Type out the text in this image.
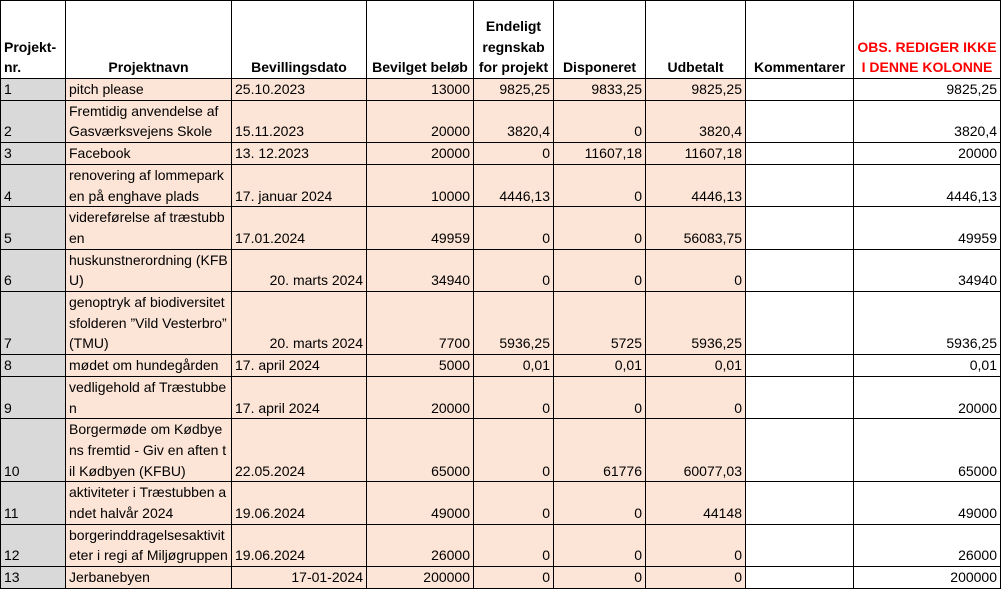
Projekt-nr.	Projektnavn	Bevillingsdato	Bevilget beløb	Endeligt regnskab for projekt	Disponeret	Udbetalt	Kommentarer	OBS. REDIGER IKKE I DENNE KOLONNE
1	pitch please	25.10.2023	13000	9825,25	9833,25	9825,25		9825,25
2	Fremtidig anvendelse af Gasværksvejens Skole	15.11.2023	20000	3820,4	0	3820,4		3820,4
3	Facebook	13. 12.2023	20000	0	11607,18	11607,18		20000
4	renovering af lommeparken på enghave plads	17. januar 2024	10000	4446,13	0	4446,13		4446,13
5	videreførelse af træstubben	17.01.2024	49959	0	0	56083,75		49959
6	huskunstnerordning (KFBU)	20. marts 2024	34940	0	0	0		34940
7	genoptryk af biodiversitetsfolderen ”Vild Vesterbro” (TMU)	20. marts 2024	7700	5936,25	5725	5936,25		5936,25
8	mødet om hundegården	17. april 2024	5000	0,01	0,01	0,01		0,01
9	vedligehold af Træstubben	17. april 2024	20000	0	0	0		20000
10	Borgermøde om Kødbyens fremtid - Giv en aften til Kødbyen (KFBU)	22.05.2024	65000	0	61776	60077,03		65000
11	aktiviteter i Træstubben andet halvår 2024	19.06.2024	49000	0	0	44148		49000
12	borgerinddragelsesaktiviteter i regi af Miljøgruppen	19.06.2024	26000	0	0	0		26000
13	Jerbanebyen	17-01-2024	200000	0	0	0		200000
